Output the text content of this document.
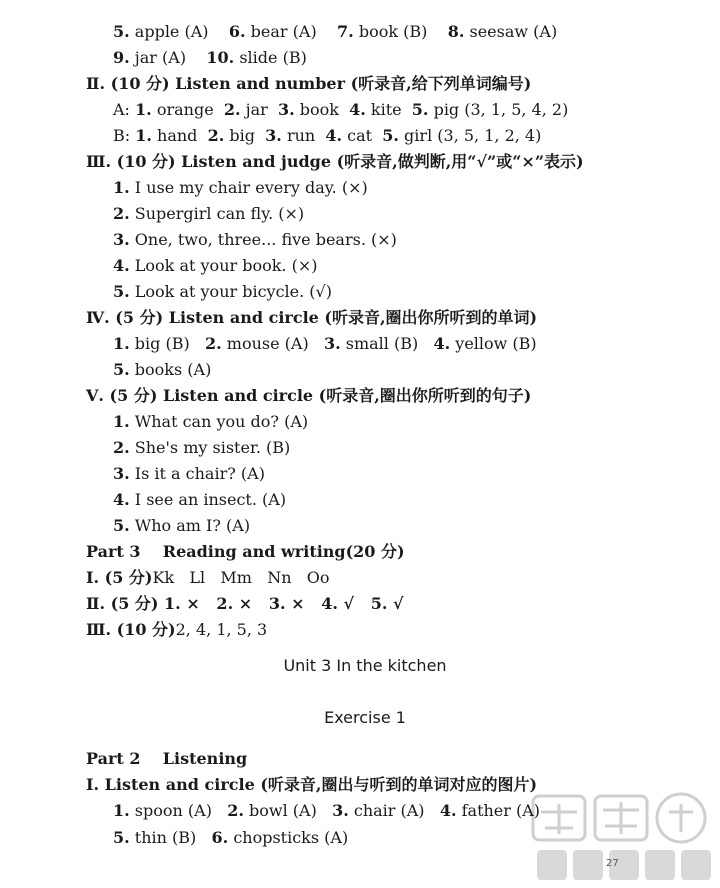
Unit 3 In the kitchen
Exercise 1
27
5. apple (A)    6. bear (A)    7. book (B)    8. seesaw (A)
9. jar (A)    10. slide (B)
Ⅱ. (10 分) Listen and number (听录音,给下列单词编号)
A: 1. orange  2. jar  3. book  4. kite  5. pig (3, 1, 5, 4, 2)
B: 1. hand  2. big  3. run  4. cat  5. girl (3, 5, 1, 2, 4)
Ⅲ. (10 分) Listen and judge (听录音,做判断,用“√”或“×”表示)
1. I use my chair every day. (×)
2. Supergirl can fly. (×)
3. One, two, three... five bears. (×)
4. Look at your book. (×)
5. Look at your bicycle. (√)
Ⅳ. (5 分) Listen and circle (听录音,圈出你所听到的单词)
1. big (B)   2. mouse (A)   3. small (B)   4. yellow (B)
5. books (A)
Ⅴ. (5 分) Listen and circle (听录音,圈出你所听到的句子)
1. What can you do? (A)
2. She's my sister. (B)
3. Is it a chair? (A)
4. I see an insect. (A)
5. Who am I? (A)
Part 3    Reading and writing(20 分)
Ⅰ. (5 分)Kk   Ll   Mm   Nn   Oo
Ⅱ. (5 分) 1. ×   2. ×   3. ×   4. √   5. √
Ⅲ. (10 分)2, 4, 1, 5, 3
Part 2    Listening
Ⅰ. Listen and circle (听录音,圈出与听到的单词对应的图片)
1. spoon (A)   2. bowl (A)   3. chair (A)   4. father (A)
5. thin (B)   6. chopsticks (A)
